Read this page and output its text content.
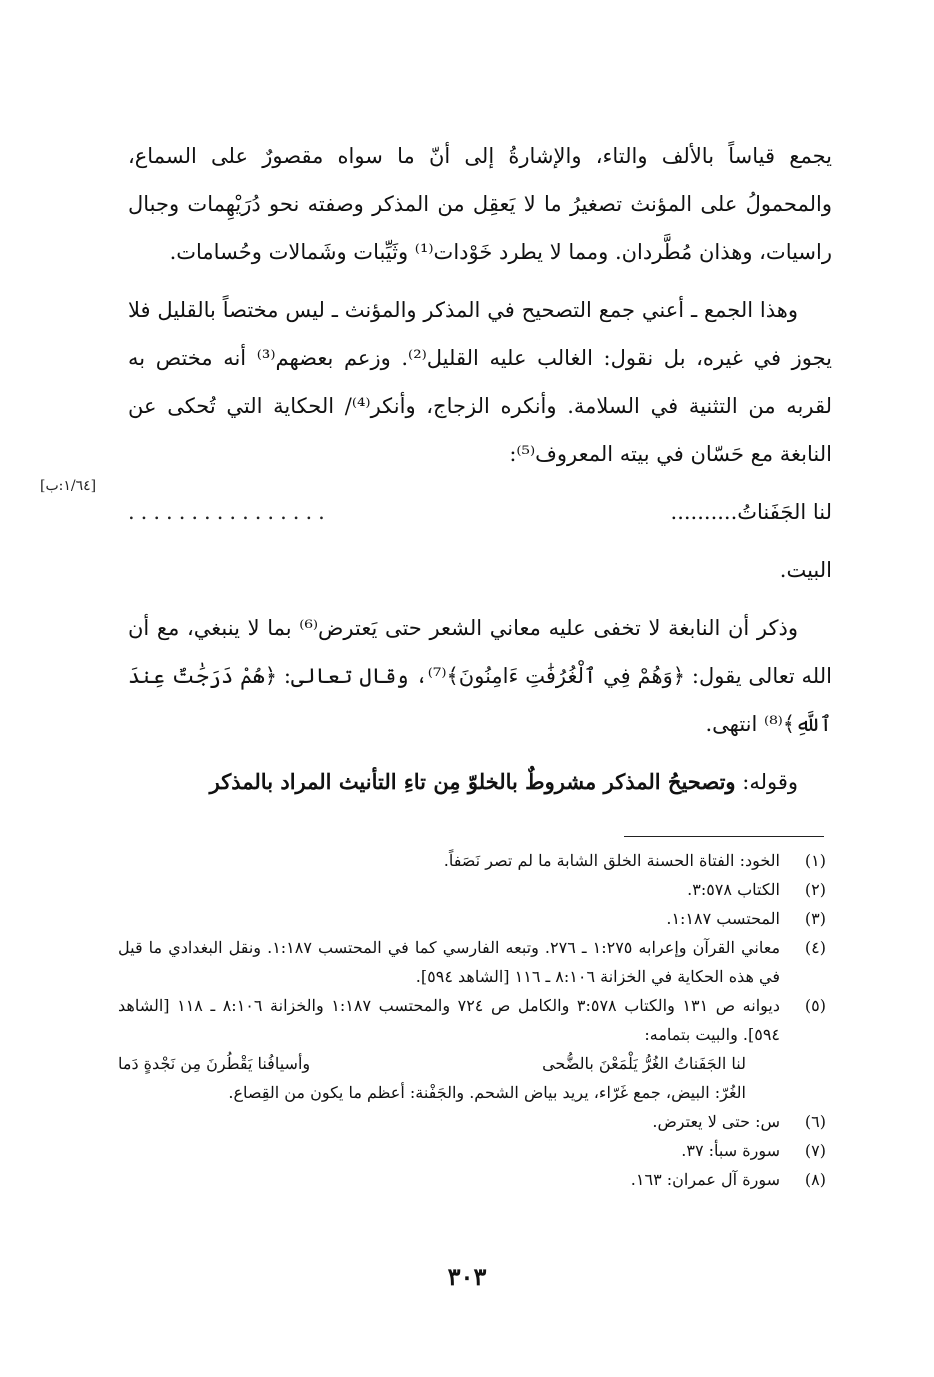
يجمع قياساً بالألف والتاء، والإشارةُ إلى أنّ ما سواه مقصورٌ على السماع، والمحمولُ على المؤنث تصغيرُ ما لا يَعقِل من المذكر وصفته نحو دُرَيْهِمات وجبال راسيات، وهذان مُطَّردان. ومما لا يطرد خَوْدات⁽¹⁾ وثَيِّبات وشَمالات وحُسامات.

وهذا الجمع ـ أعني جمع التصحيح في المذكر والمؤنث ـ ليس مختصاً بالقليل فلا يجوز في غيره، بل نقول: الغالب عليه القليل⁽²⁾. وزعم بعضهم⁽³⁾ أنه مختص به لقربه من التثنية في السلامة. وأنكره الزجاج، وأنكر⁽⁴⁾/ الحكاية التي تُحكى عن النابغة مع حَسّان في بيته المعروف⁽⁵⁾:

لنا الجَفَناتُ..........
................

البيت.

وذكر أن النابغة لا تخفى عليه معاني الشعر حتى يَعترض⁽⁶⁾ بما لا ينبغي، مع أن الله تعالى يقول: ﴿وَهُمْ فِي ٱلْغُرُفَٰتِ ءَامِنُونَ﴾⁽⁷⁾، وقال تعالى: ﴿هُمْ دَرَجَٰتٌ عِندَ ٱللَّهِ﴾⁽⁸⁾ انتهى.

وقوله: وتصحيحُ المذكر مشروطٌ بالخلوّ مِن تاءِ التأنيث المراد بالمذكر

[١/٦٤:ب]
(١)
الخود: الفتاة الحسنة الخلق الشابة ما لم تصر نَصَفاً.
(٢)
الكتاب ٣:٥٧٨.
(٣)
المحتسب ١:١٨٧.
(٤)
معاني القرآن وإعرابه ١:٢٧٥ ـ ٢٧٦. وتبعه الفارسي كما في المحتسب ١:١٨٧. ونقل البغدادي ما قيل في هذه الحكاية في الخزانة ٨:١٠٦ ـ ١١٦ [الشاهد ٥٩٤].
(٥)
ديوانه ص ١٣١ والكتاب ٣:٥٧٨ والكامل ص ٧٢٤ والمحتسب ١:١٨٧ والخزانة ٨:١٠٦ ـ ١١٨ [الشاهد ٥٩٤]. والبيت بتمامه:
لنا الجَفَناتُ الغُرُّ يَلْمَعْنَ بالضُّحى
وأسيافُنا يَقْطُرنَ مِن نَجْدةٍ دَما
الغُرّ: البيض، جمع غَرّاء، يريد بياض الشحم. والجَفْنة: أعظم ما يكون من القِصاع.
(٦)
س: حتى لا يعترض.
(٧)
سورة سبأ: ٣٧.
(٨)
سورة آل عمران: ١٦٣.
٣٠٣
